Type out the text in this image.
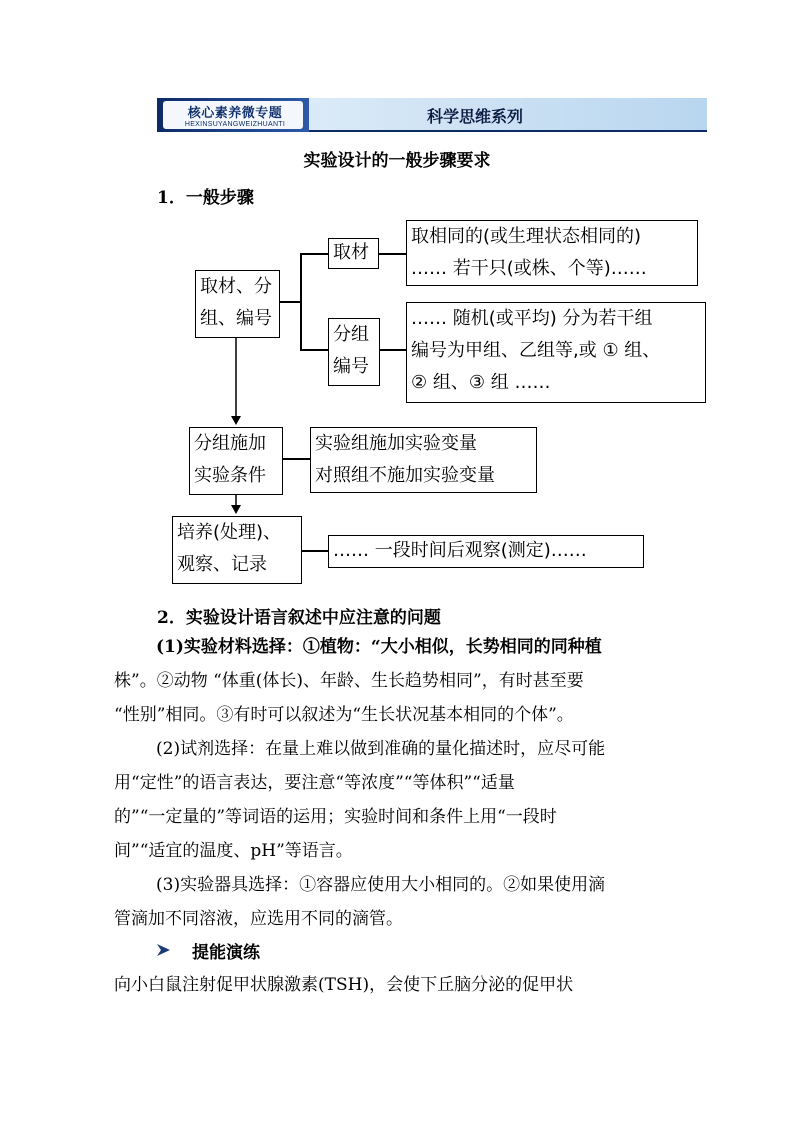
核心素养微专题
HEXINSUYANGWEIZHUANTI	科学思维系列
实验设计的一般步骤要求
1．一般步骤
取材、分
组、编号
取材
取相同的(或生理状态相同的)
…… 若干只(或株、个等)……
分组
编号
…… 随机(或平均) 分为若干组
编号为甲组、乙组等,或 ① 组、
② 组、③ 组 ……
分组施加
实验条件
实验组施加实验变量
对照组不施加实验变量
培养(处理)、
观察、记录
…… 一段时间后观察(测定)……
2．实验设计语言叙述中应注意的问题
(1)实验材料选择：①植物：“大小相似，长势相同的同种植
株”。②动物 “体重(体长)、年龄、生长趋势相同”，有时甚至要
“性别”相同。③有时可以叙述为“生长状况基本相同的个体”。
(2)试剂选择：在量上难以做到准确的量化描述时，应尽可能
用“定性”的语言表达，要注意“等浓度”“等体积”“适量
的”“一定量的”等词语的运用；实验时间和条件上用“一段时
间”“适宜的温度、pH”等语言。
(3)实验器具选择：①容器应使用大小相同的。②如果使用滴
管滴加不同溶液，应选用不同的滴管。
提能演练
向小白鼠注射促甲状腺激素(TSH)，会使下丘脑分泌的促甲状
